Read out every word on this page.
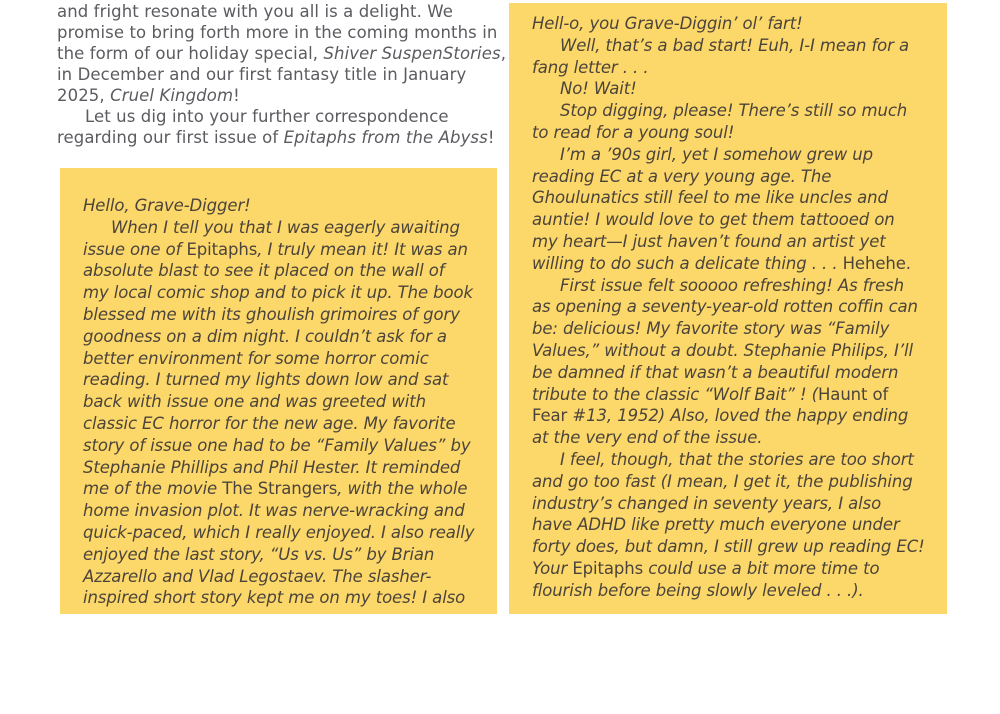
and fright resonate with you all is a delight. We promise to bring forth more in the coming months in the form of our holiday special, Shiver SuspenStories, in December and our first fantasy title in January 2025, Cruel Kingdom!

Let us dig into your further correspondence regarding our first issue of Epitaphs from the Abyss!

Hello, Grave-Digger!

When I tell you that I was eagerly awaiting issue one of Epitaphs, I truly mean it! It was an absolute blast to see it placed on the wall of my local comic shop and to pick it up. The book blessed me with its ghoulish grimoires of gory goodness on a dim night. I couldn’t ask for a better environment for some horror comic reading. I turned my lights down low and sat back with issue one and was greeted with classic EC horror for the new age. My favorite story of issue one had to be “Family Values” by Stephanie Phillips and Phil Hester. It reminded me of the movie The Strangers, with the whole home invasion plot. It was nerve-wracking and quick-paced, which I really enjoyed. I also really enjoyed the last story, “Us vs. Us” by Brian Azzarello and Vlad Legostaev. The slasher-inspired short story kept me on my toes! I also

Hell-o, you Grave-Diggin’ ol’ fart!

Well, that’s a bad start! Euh, I-I mean for a fang letter . . .

No! Wait!

Stop digging, please! There’s still so much to read for a young soul!

I’m a ’90s girl, yet I somehow grew up reading EC at a very young age. The Ghoulunatics still feel to me like uncles and auntie! I would love to get them tattooed on my heart—I just haven’t found an artist yet willing to do such a delicate thing . . . Hehehe.

First issue felt sooooo refreshing! As fresh as opening a seventy-year-old rotten coffin can be: delicious! My favorite story was “Family Values,” without a doubt. Stephanie Philips, I’ll be damned if that wasn’t a beautiful modern tribute to the classic “Wolf Bait” ! (Haunt of Fear #13, 1952) Also, loved the happy ending at the very end of the issue.

I feel, though, that the stories are too short and go too fast (I mean, I get it, the publishing industry’s changed in seventy years, I also have ADHD like pretty much everyone under forty does, but damn, I still grew up reading EC! Your Epitaphs could use a bit more time to flourish before being slowly leveled . . .).
